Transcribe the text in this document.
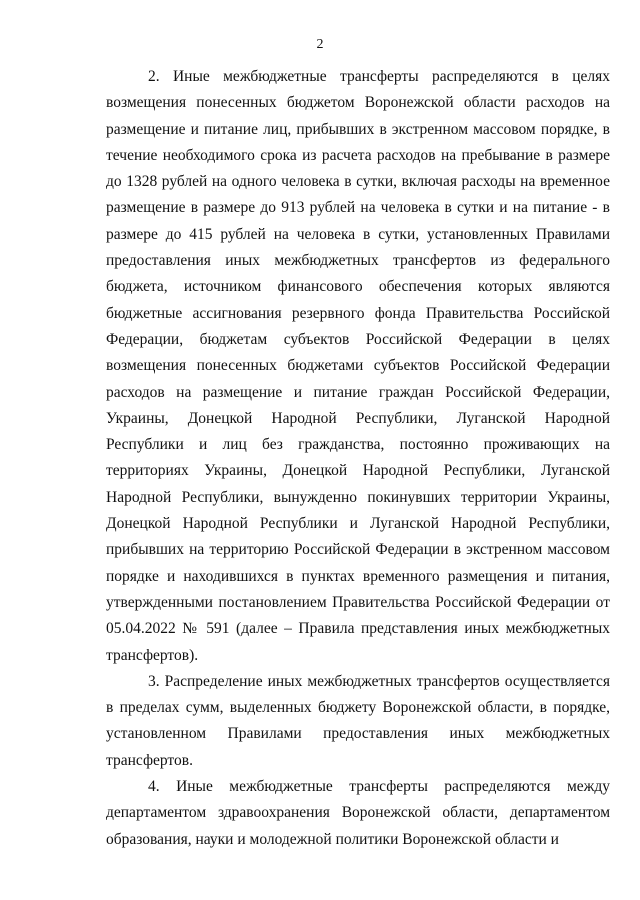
2

2. Иные межбюджетные трансферты распределяются в целях возмещения понесенных бюджетом Воронежской области расходов на размещение и питание лиц, прибывших в экстренном массовом порядке, в течение необходимого срока из расчета расходов на пребывание в размере до 1328 рублей на одного человека в сутки, включая расходы на временное размещение в размере до 913 рублей на человека в сутки и на питание - в размере до 415 рублей на человека в сутки, установленных Правилами предоставления иных межбюджетных трансфертов из федерального бюджета, источником финансового обеспечения которых являются бюджетные ассигнования резервного фонда Правительства Российской Федерации, бюджетам субъектов Российской Федерации в целях возмещения понесенных бюджетами субъектов Российской Федерации расходов на размещение и питание граждан Российской Федерации, Украины, Донецкой Народной Республики, Луганской Народной Республики и лиц без гражданства, постоянно проживающих на территориях Украины, Донецкой Народной Республики, Луганской Народной Республики, вынужденно покинувших территории Украины, Донецкой Народной Республики и Луганской Народной Республики, прибывших на территорию Российской Федерации в экстренном массовом порядке и находившихся в пунктах временного размещения и питания, утвержденными постановлением Правительства Российской Федерации от 05.04.2022 № 591 (далее – Правила представления иных межбюджетных трансфертов).

3. Распределение иных межбюджетных трансфертов осуществляется в пределах сумм, выделенных бюджету Воронежской области, в порядке, установленном Правилами предоставления иных межбюджетных трансфертов.

4. Иные межбюджетные трансферты распределяются между департаментом здравоохранения Воронежской области, департаментом образования, науки и молодежной политики Воронежской области и
